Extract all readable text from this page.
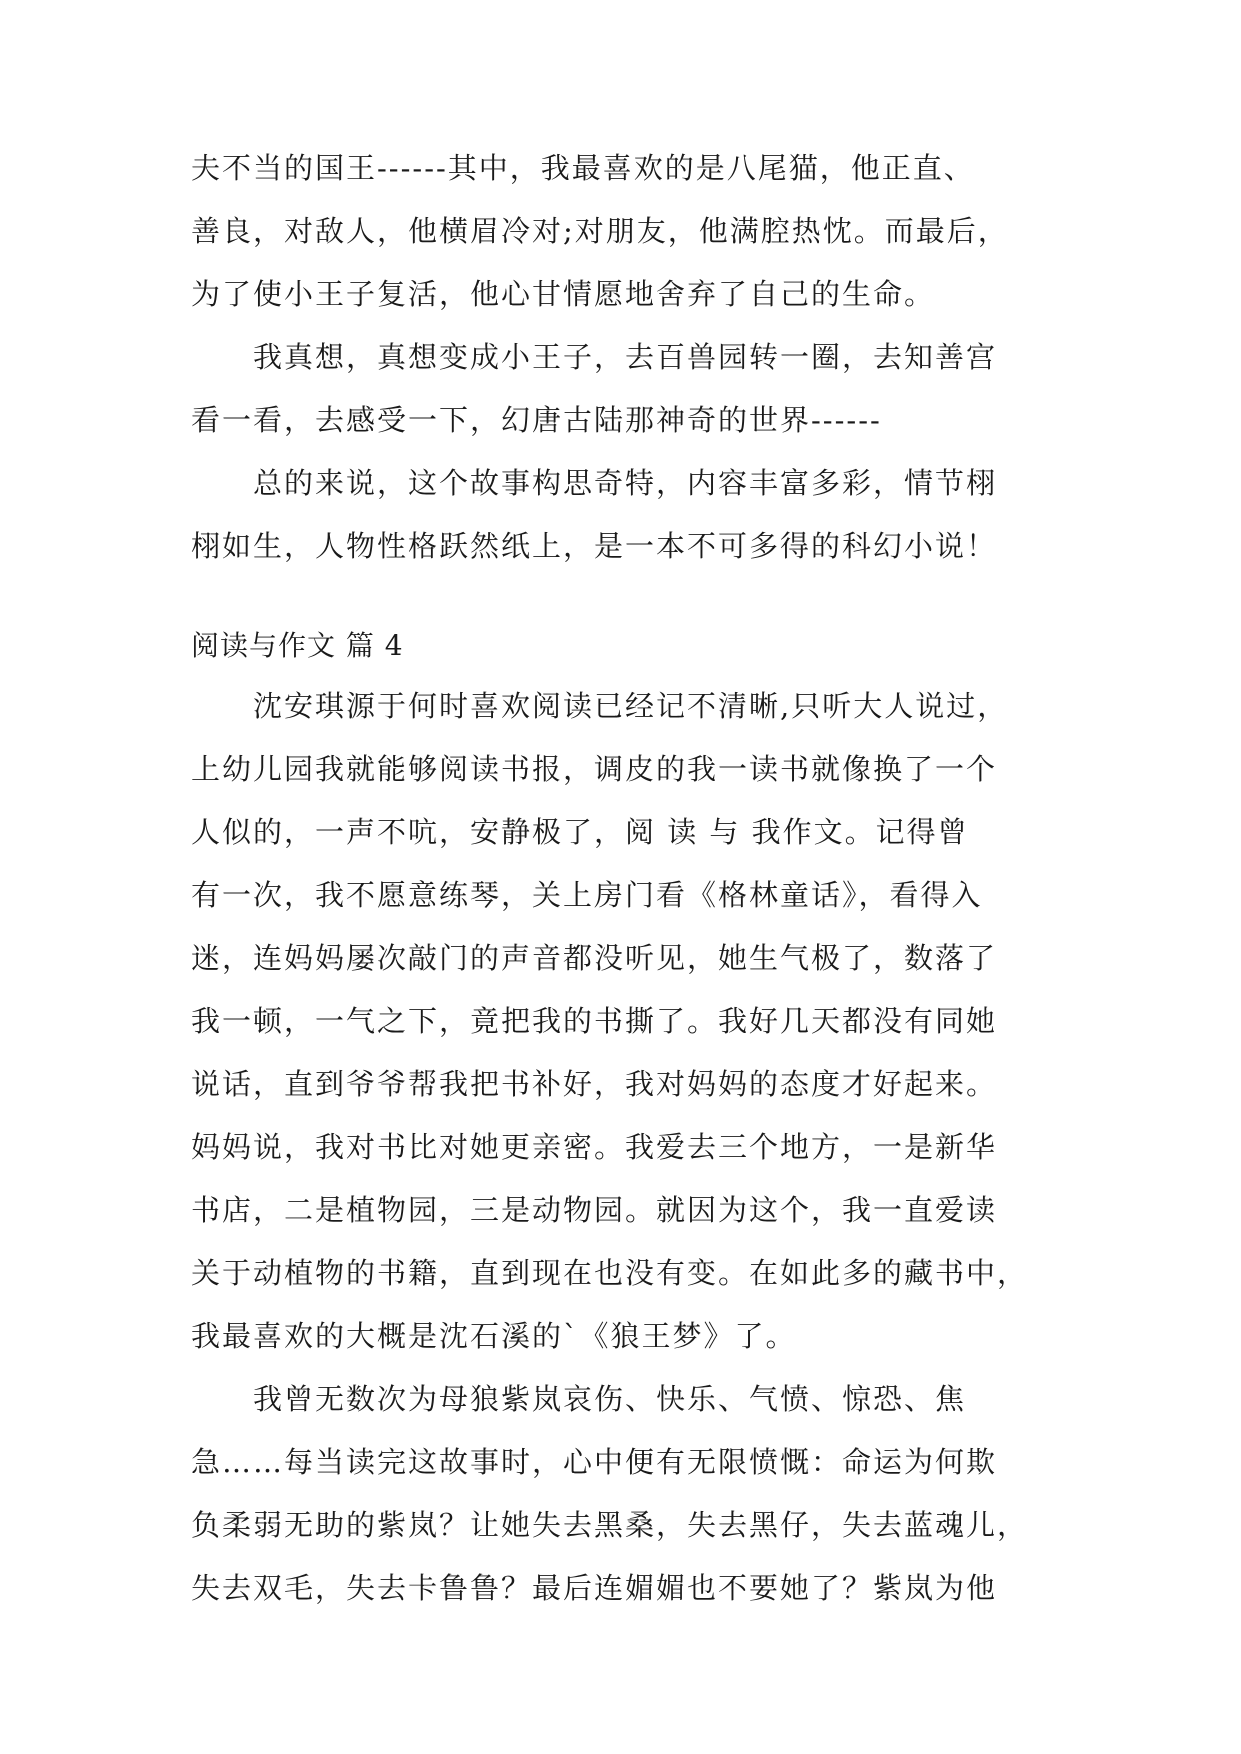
夫不当的国王------其中，我最喜欢的是八尾猫，他正直、
善良，对敌人，他横眉冷对;对朋友，他满腔热忱。而最后，
为了使小王子复活，他心甘情愿地舍弃了自己的生命。
　　我真想，真想变成小王子，去百兽园转一圈，去知善宫
看一看，去感受一下，幻唐古陆那神奇的世界------
　　总的来说，这个故事构思奇特，内容丰富多彩，情节栩
栩如生，人物性格跃然纸上，是一本不可多得的科幻小说！
阅读与作文 篇 4
　　沈安琪源于何时喜欢阅读已经记不清晰,只听大人说过，
上幼儿园我就能够阅读书报，调皮的我一读书就像换了一个
人似的，一声不吭，安静极了，阅 读 与 我作文。记得曾
有一次，我不愿意练琴，关上房门看《格林童话》，看得入
迷，连妈妈屡次敲门的声音都没听见，她生气极了，数落了
我一顿，一气之下，竟把我的书撕了。我好几天都没有同她
说话，直到爷爷帮我把书补好，我对妈妈的态度才好起来。
妈妈说，我对书比对她更亲密。我爱去三个地方，一是新华
书店，二是植物园，三是动物园。就因为这个，我一直爱读
关于动植物的书籍，直到现在也没有变。在如此多的藏书中，
我最喜欢的大概是沈石溪的`《狼王梦》了。
　　我曾无数次为母狼紫岚哀伤、快乐、气愤、惊恐、焦
急……每当读完这故事时，心中便有无限愤慨：命运为何欺
负柔弱无助的紫岚？让她失去黑桑，失去黑仔，失去蓝魂儿，
失去双毛，失去卡鲁鲁？最后连媚媚也不要她了？紫岚为他
